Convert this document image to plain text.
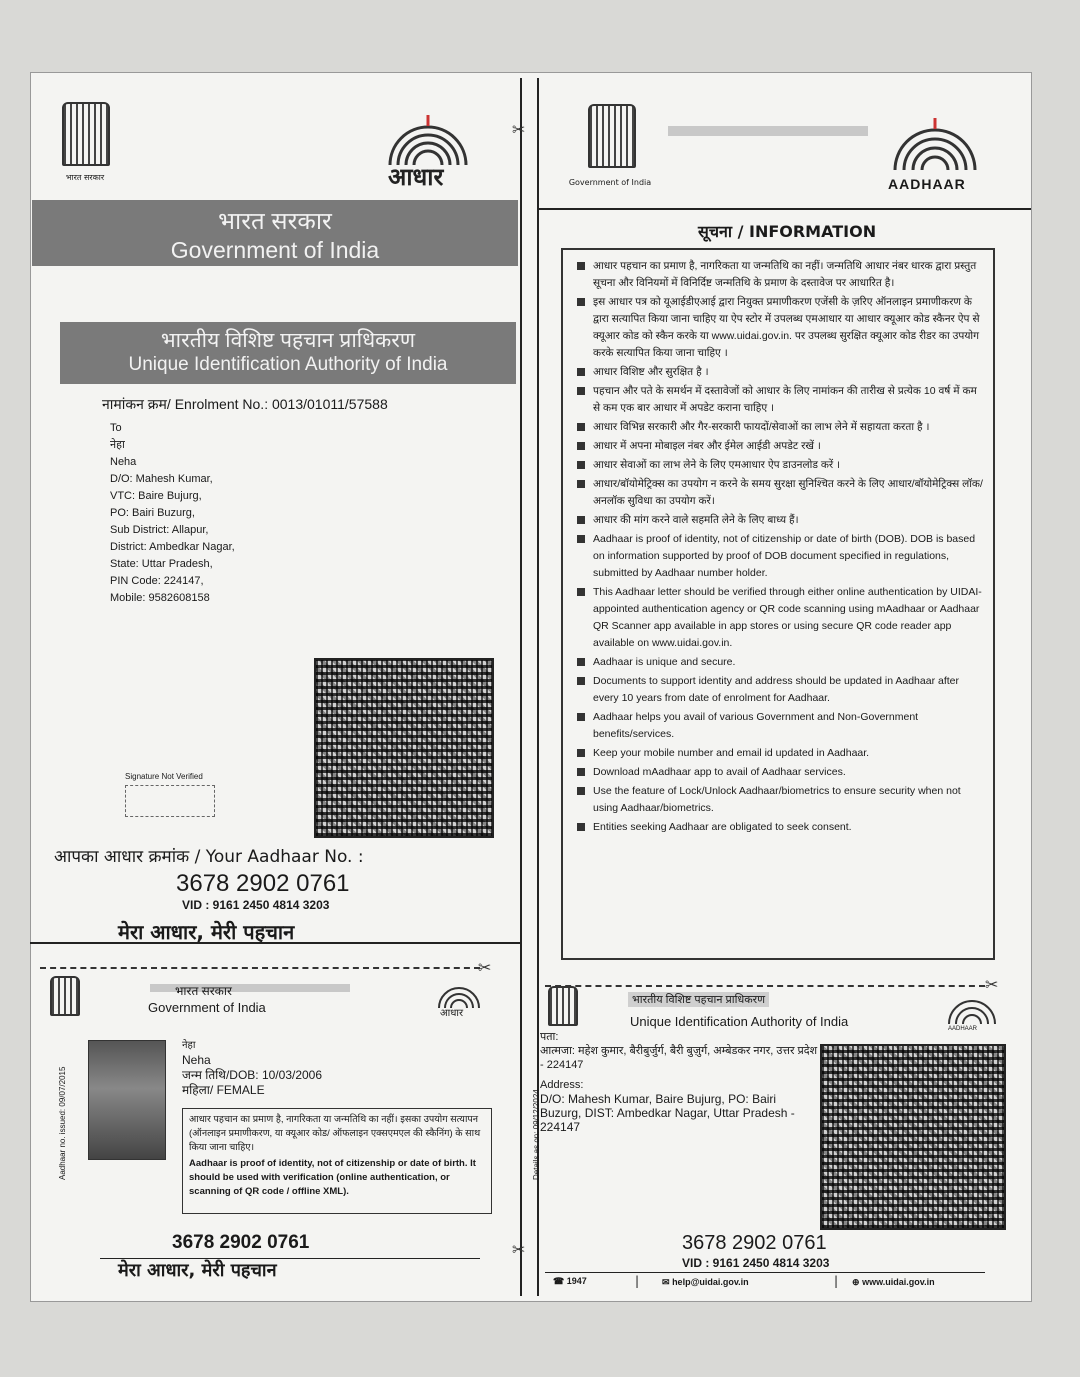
✂
✂
✂
✂
भारत सरकार	आधार
भारत सरकार
Government of India
भारतीय विशिष्ट पहचान प्राधिकरण
Unique Identification Authority of India
नामांकन क्रम/ Enrolment No.: 0013/01011/57588
To
नेहा
Neha
D/O: Mahesh Kumar,
VTC: Baire Bujurg,
PO: Bairi Buzurg,
Sub District: Allapur,
District: Ambedkar Nagar,
State: Uttar Pradesh,
PIN Code: 224147,
Mobile: 9582608158
Signature Not Verified
आपका आधार क्रमांक / Your Aadhaar No. :
3678 2902 0761
VID : 9161 2450 4814 3203
मेरा आधार, मेरी पहचान
Government of India	AADHAAR
सूचना / INFORMATION
आधार पहचान का प्रमाण है, नागरिकता या जन्मतिथि का नहीं। जन्मतिथि आधार नंबर धारक द्वारा प्रस्तुत सूचना और विनियमों में विनिर्दिष्ट जन्मतिथि के प्रमाण के दस्तावेज पर आधारित है।
इस आधार पत्र को यूआईडीएआई द्वारा नियुक्त प्रमाणीकरण एजेंसी के ज़रिए ऑनलाइन प्रमाणीकरण के द्वारा सत्यापित किया जाना चाहिए या ऐप स्टोर में उपलब्ध एमआधार या आधार क्यूआर कोड स्कैनर ऐप से क्यूआर कोड को स्कैन करके या www.uidai.gov.in. पर उपलब्ध सुरक्षित क्यूआर कोड रीडर का उपयोग करके सत्यापित किया जाना चाहिए ।
आधार विशिष्ट और सुरक्षित है ।
पहचान और पते के समर्थन में दस्तावेजों को आधार के लिए नामांकन की तारीख से प्रत्येक 10 वर्ष में कम से कम एक बार आधार में अपडेट कराना चाहिए ।
आधार विभिन्न सरकारी और गैर-सरकारी फायदों/सेवाओं का लाभ लेने में सहायता करता है ।
आधार में अपना मोबाइल नंबर और ईमेल आईडी अपडेट रखें ।
आधार सेवाओं का लाभ लेने के लिए एमआधार ऐप डाउनलोड करें ।
आधार/बॉयोमेट्रिक्स का उपयोग न करने के समय सुरक्षा सुनिश्चित करने के लिए आधार/बॉयोमेट्रिक्स लॉक/अनलॉक सुविधा का उपयोग करें।
आधार की मांग करने वाले सहमति लेने के लिए बाध्य हैं।
Aadhaar is proof of identity, not of citizenship or date of birth (DOB). DOB is based on information supported by proof of DOB document specified in regulations, submitted by Aadhaar number holder.
This Aadhaar letter should be verified through either online authentication by UIDAI-appointed authentication agency or QR code scanning using mAadhaar or Aadhaar QR Scanner app available in app stores or using secure QR code reader app available on www.uidai.gov.in.
Aadhaar is unique and secure.
Documents to support identity and address should be updated in Aadhaar after every 10 years from date of enrolment for Aadhaar.
Aadhaar helps you avail of various Government and Non-Government benefits/services.
Keep your mobile number and email id updated in Aadhaar.
Download mAadhaar app to avail of Aadhaar services.
Use the feature of Lock/Unlock Aadhaar/biometrics to ensure security when not using Aadhaar/biometrics.
Entities seeking Aadhaar are obligated to seek consent.
भारत सरकार
Government of India	आधार
Aadhaar no. issued: 09/07/2015
नेहा
Neha
जन्म तिथि/DOB: 10/03/2006
महिला/ FEMALE
आधार पहचान का प्रमाण है, नागरिकता या जन्मतिथि का नहीं। इसका उपयोग सत्यापन (ऑनलाइन प्रमाणीकरण, या क्यूआर कोड/ ऑफलाइन एक्सएमएल की स्कैनिंग) के साथ किया जाना चाहिए।
Aadhaar is proof of identity, not of citizenship or date of birth. It should be used with verification (online authentication, or scanning of QR code / offline XML).
3678 2902 0761
मेरा आधार, मेरी पहचान
भारतीय विशिष्ट पहचान प्राधिकरण
Unique Identification Authority of India	AADHAAR
Details as on: 09/12/2024
पता:
आत्मजा: महेश कुमार, बैरीबुर्जुर्ग, बैरी बुज़ुर्ग, अम्बेडकर नगर, उत्तर प्रदेश - 224147
Address:
D/O: Mahesh Kumar, Baire Bujurg, PO: Bairi Buzurg, DIST: Ambedkar Nagar, Uttar Pradesh - 224147
3678 2902 0761
VID : 9161 2450 4814 3203
☎ 1947	|	✉ help@uidai.gov.in	| ⊕ www.uidai.gov.in
